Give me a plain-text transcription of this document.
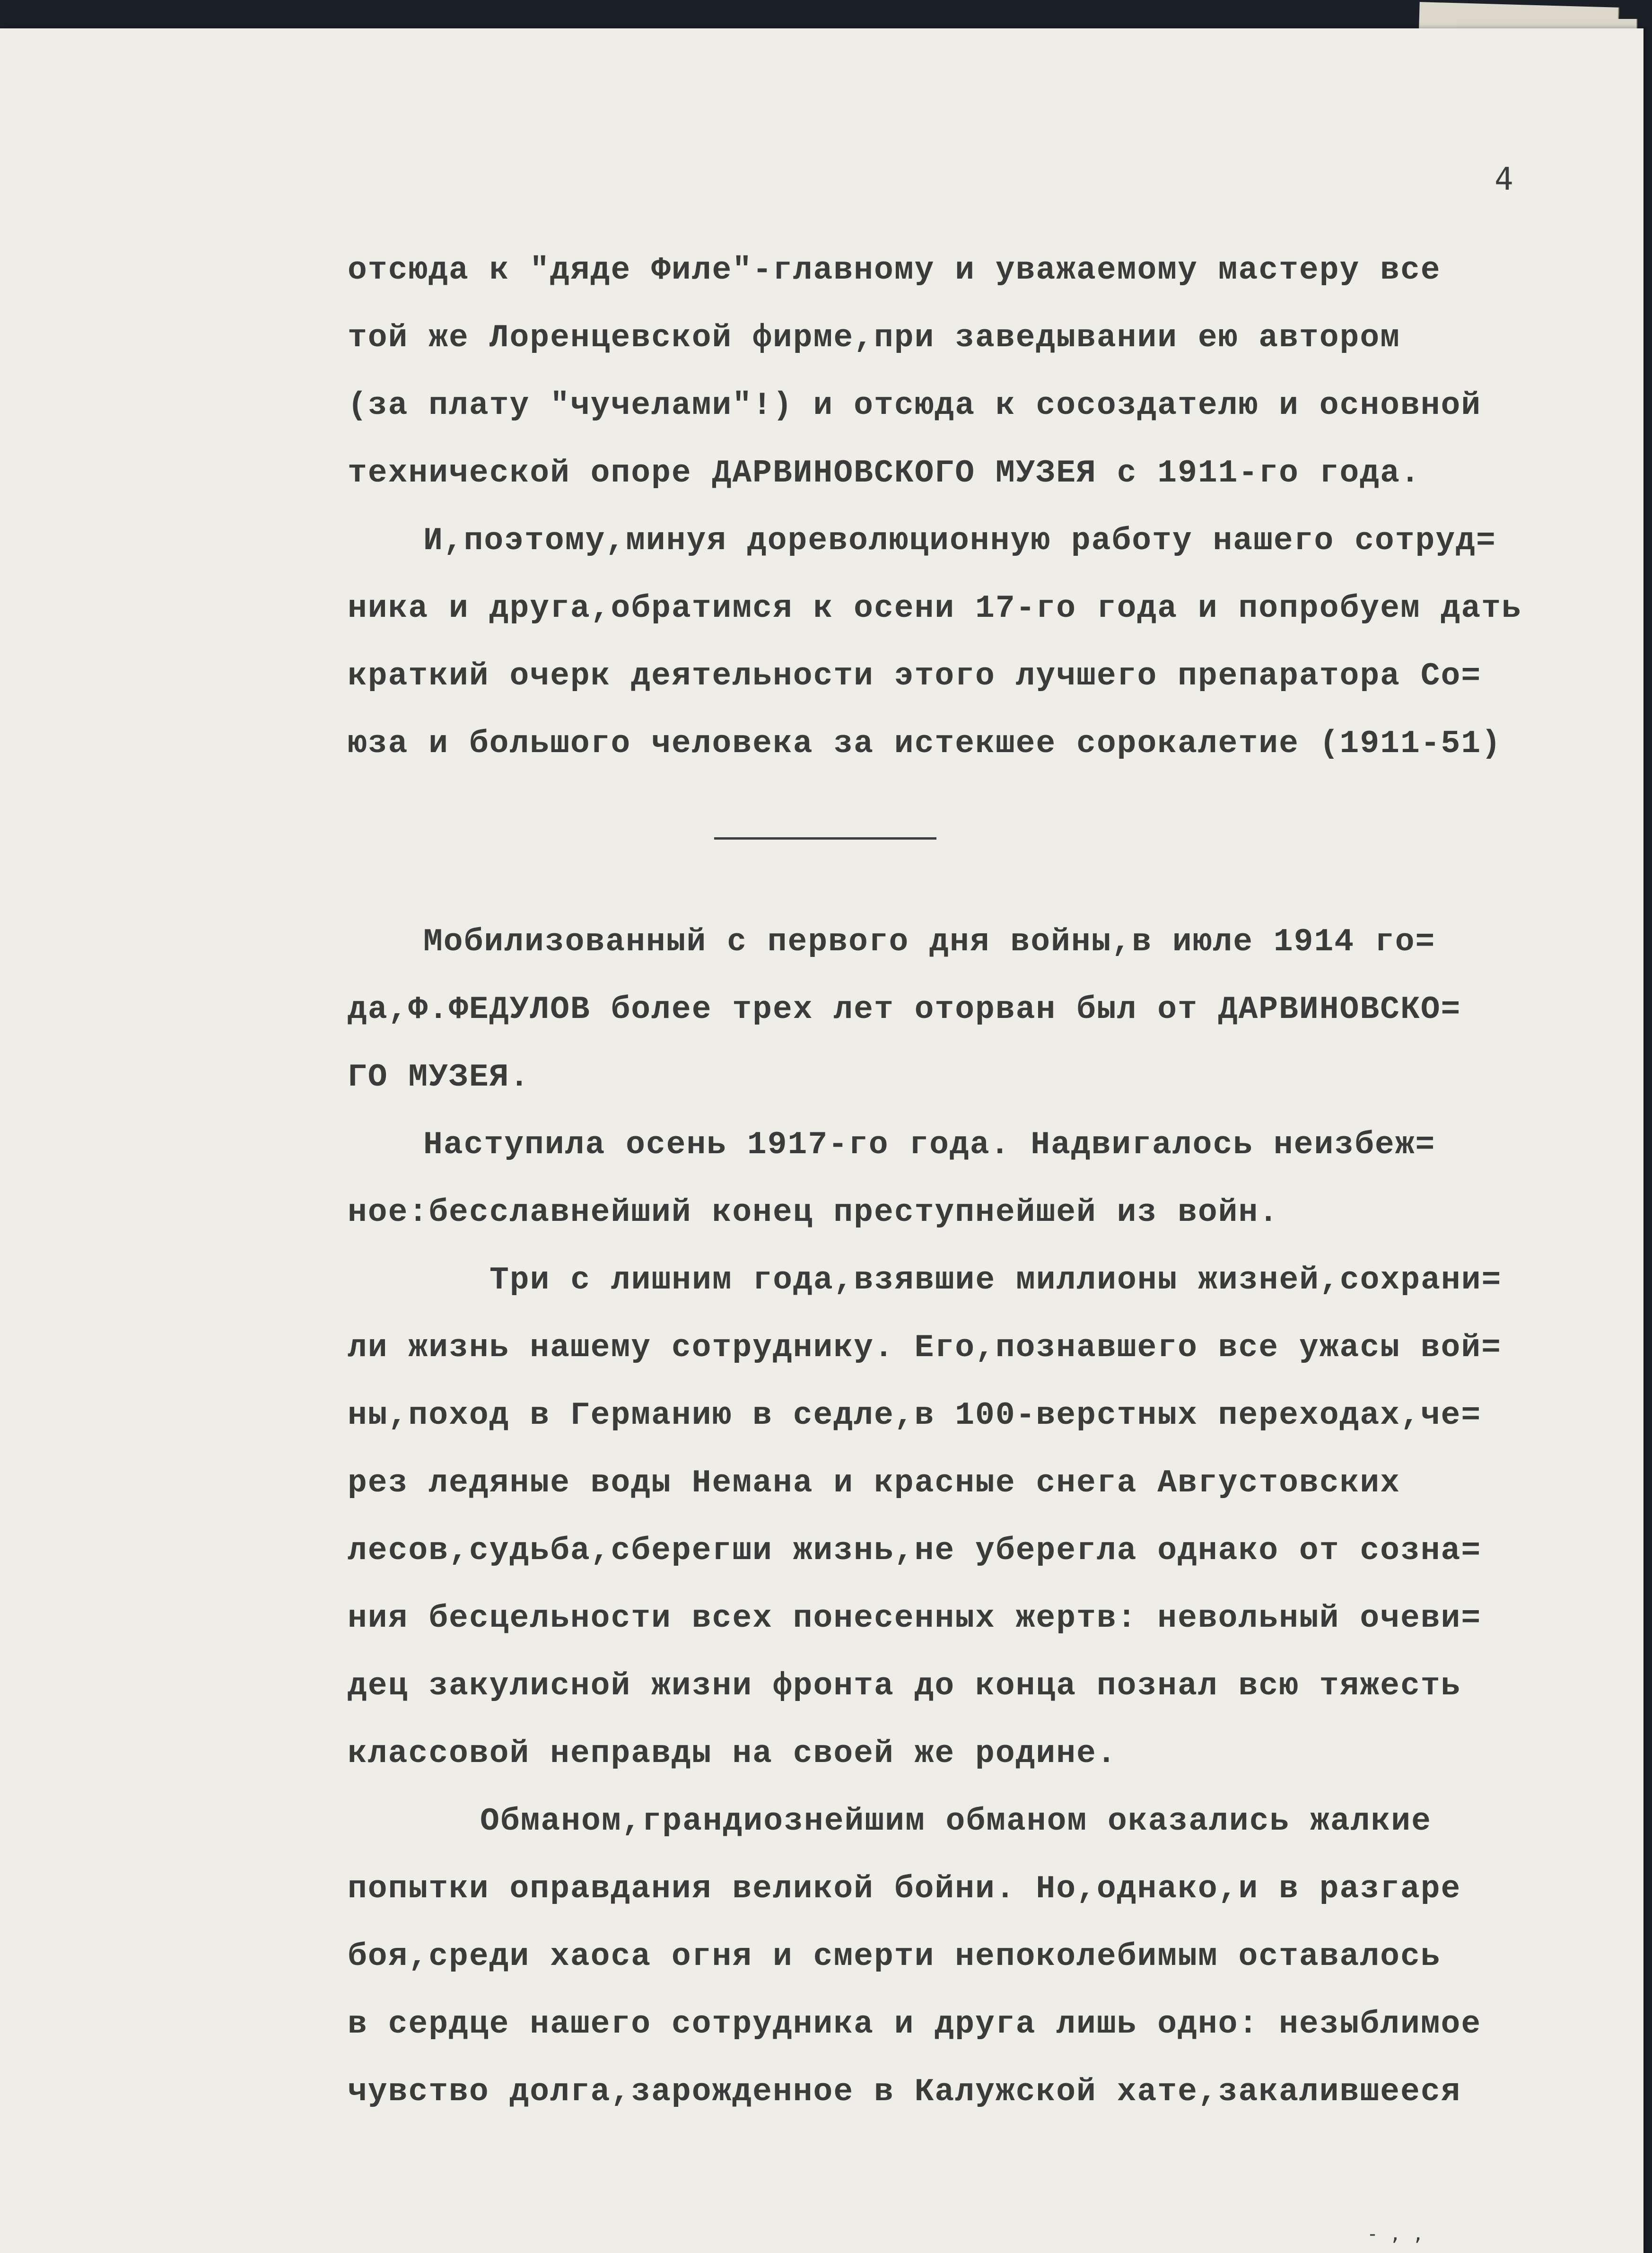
4
отсюда к "дяде Филе"-главному и уважаемому мастеру все
той же Лоренцевской фирме,при заведывании ею автором
(за плату "чучелами"!) и отсюда к сосоздателю и основной
технической опоре ДАРВИНОВСКОГО МУЗЕЯ с 1911-го года.
И,поэтому,минуя дореволюционную работу нашего сотруд=
ника и друга,обратимся к осени 17-го года и попробуем дать
краткий очерк деятельности этого лучшего препаратора Со=
юза и большого человека за истекшее сорокалетие (1911-51)
Мобилизованный с первого дня войны,в июле 1914 го=
да,Ф.ФЕДУЛОВ более трех лет оторван был от ДАРВИНОВСКО=
ГО МУЗЕЯ.
Наступила осень 1917-го года. Надвигалось неизбеж=
ное:бесславнейший конец преступнейшей из войн.
Три с лишним года,взявшие миллионы жизней,сохрани=
ли жизнь нашему сотруднику. Его,познавшего все ужасы вой=
ны,поход в Германию в седле,в 100-верстных переходах,че=
рез ледяные воды Немана и красные снега Августовских
лесов,судьба,сберегши жизнь,не уберегла однако от созна=
ния бесцельности всех понесенных жертв: невольный очеви=
дец закулисной жизни фронта до конца познал всю тяжесть
классовой неправды на своей же родине.
Обманом,грандиознейшим обманом оказались жалкие
попытки оправдания великой бойни. Но,однако,и в разгаре
боя,среди хаоса огня и смерти непоколебимым оставалось
в сердце нашего сотрудника и друга лишь одно: незыблимое
чувство долга,зарожденное в Калужской хате,закалившееся
- , ,
